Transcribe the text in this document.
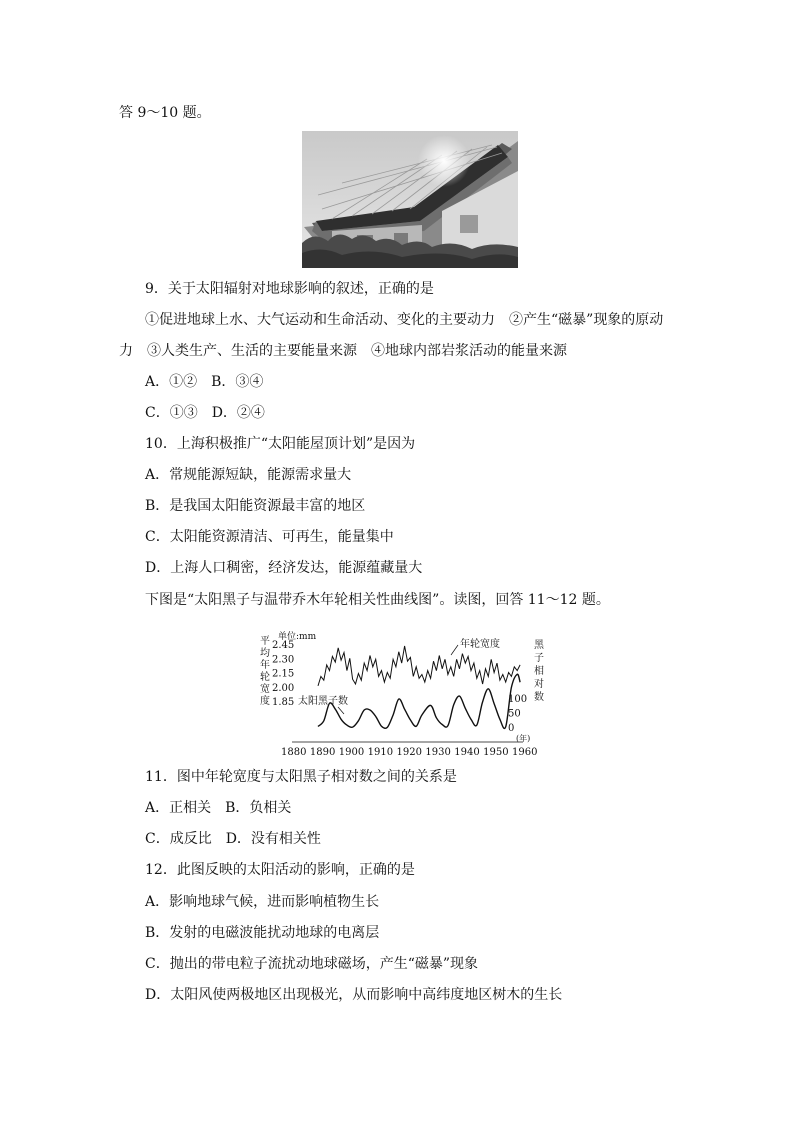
答 9～10 题。
9．关于太阳辐射对地球影响的叙述，正确的是
①促进地球上水、大气运动和生命活动、变化的主要动力　②产生“磁暴”现象的原动
力　③人类生产、生活的主要能量来源　④地球内部岩浆活动的能量来源
A．①②　B．③④
C．①③　D．②④
10．上海积极推广“太阳能屋顶计划”是因为
A．常规能源短缺，能源需求量大
B．是我国太阳能资源最丰富的地区
C．太阳能资源清洁、可再生，能量集中
D．上海人口稠密，经济发达，能源蕴藏量大
下图是“太阳黑子与温带乔木年轮相关性曲线图”。读图，回答 11～12 题。
单位:mm
平
均
年
轮
宽
度
黑
子
相
对
数
2.45
2.30
2.15
2.00
1.85	100
50
0
1880 1890 1900 1910 1920 1930 1940 1950 1960
年轮宽度
太阳黑子数
(年)
11．图中年轮宽度与太阳黑子相对数之间的关系是
A．正相关　B．负相关
C．成反比　D．没有相关性
12．此图反映的太阳活动的影响，正确的是
A．影响地球气候，进而影响植物生长
B．发射的电磁波能扰动地球的电离层
C．抛出的带电粒子流扰动地球磁场，产生“磁暴”现象
D．太阳风使两极地区出现极光，从而影响中高纬度地区树木的生长
